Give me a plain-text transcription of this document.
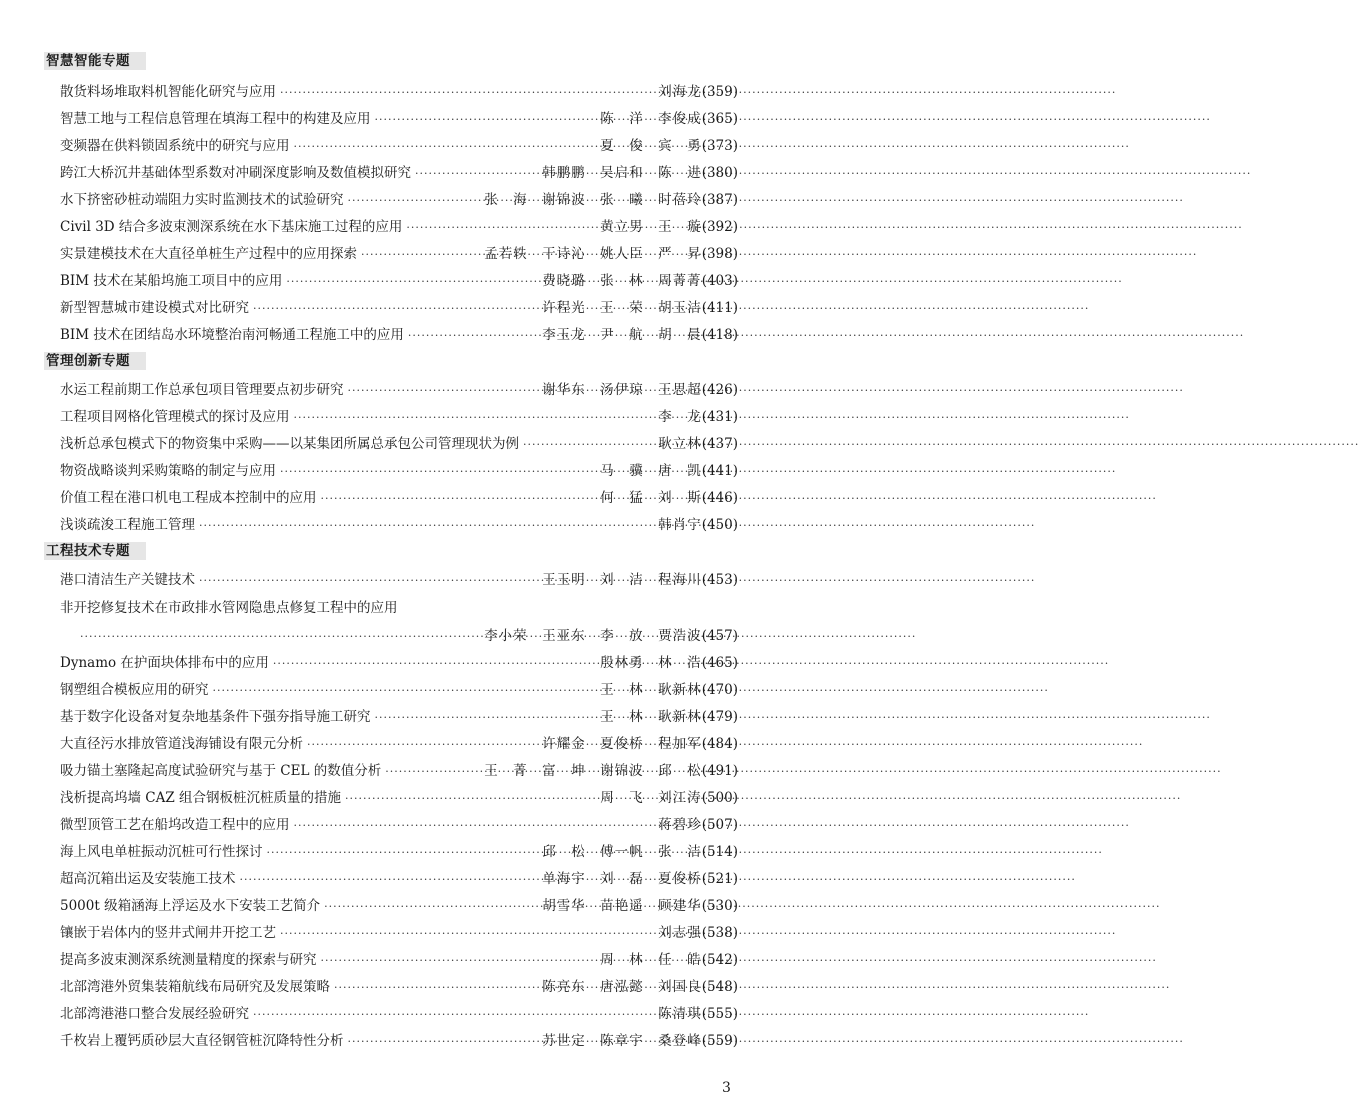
智慧智能专题
散货料场堆取料机智能化研究与应用 ·····	刘海龙 (359)
智慧工地与工程信息管理在填海工程中的构建及应用 ·····	陈　洋　李俊成 (365)
变频器在供料锁固系统中的研究与应用 ·····	夏　俊　宾　勇 (373)
跨江大桥沉井基础体型系数对冲刷深度影响及数值模拟研究 ·····	韩鹏鹏　吴启和　陈　进 (380)
水下挤密砂桩动端阻力实时监测技术的试验研究 ·····	张　海　谢锦波　张　曦　时蓓玲 (387)
Civil 3D 结合多波束测深系统在水下基床施工过程的应用 ·····	黄立男　王　璇 (392)
实景建模技术在大直径单桩生产过程中的应用探索 ·····	孟若轶　干诗沁　姚人臣　严　昇 (398)
BIM 技术在某船坞施工项目中的应用 ·····	费晓璐　张　林　周菁菁 (403)
新型智慧城市建设模式对比研究 ·····	许程光　王　荣　胡玉洁 (411)
BIM 技术在团结岛水环境整治南河畅通工程施工中的应用 ·····	李玉龙　尹　航　胡　晨 (418)
管理创新专题
水运工程前期工作总承包项目管理要点初步研究 ·····	谢华东　汤伊琼　王思超 (426)
工程项目网格化管理模式的探讨及应用 ·····	李　龙 (431)
浅析总承包模式下的物资集中采购——以某集团所属总承包公司管理现状为例 ·····	耿立林 (437)
物资战略谈判采购策略的制定与应用 ·····	马　骥　唐　凯 (441)
价值工程在港口机电工程成本控制中的应用 ·····	何　猛　刘　斯 (446)
浅谈疏浚工程施工管理 ·····	韩肖宁 (450)
工程技术专题
港口清洁生产关键技术 ·····	王玉明　刘　洁　程海川 (453)
非开挖修复技术在市政排水管网隐患点修复工程中的应用
·····
李小荣　王亚东　李　放　贾浩波 (457)
Dynamo 在护面块体排布中的应用 ·····	殷林勇　林　浩 (465)
钢塑组合模板应用的研究 ·····	王　林　耿新林 (470)
基于数字化设备对复杂地基条件下强夯指导施工研究 ·····	王　林　耿新林 (479)
大直径污水排放管道浅海铺设有限元分析 ·····	许耀金　夏俊桥　程加军 (484)
吸力锚土塞隆起高度试验研究与基于 CEL 的数值分析 ·····	王　菁　富　坤　谢锦波　邱　松 (491)
浅析提高坞墙 CAZ 组合钢板桩沉桩质量的措施 ·····	周　飞　刘江涛 (500)
微型顶管工艺在船坞改造工程中的应用 ·····	蒋碧珍 (507)
海上风电单桩振动沉桩可行性探讨 ·····	邱　松　傅一帆　张　洁 (514)
超高沉箱出运及安装施工技术 ·····	单海宇　刘　磊　夏俊桥 (521)
5000t 级箱涵海上浮运及水下安装工艺简介 ·····	胡雪华　苗艳遥　顾建华 (530)
镶嵌于岩体内的竖井式闸井开挖工艺 ·····	刘志强 (538)
提高多波束测深系统测量精度的探索与研究 ·····	周　林　任　皓 (542)
北部湾港外贸集装箱航线布局研究及发展策略 ·····	陈亮东　唐泓懿　刘国良 (548)
北部湾港港口整合发展经验研究 ·····	陈清琪 (555)
千枚岩上覆钙质砂层大直径钢管桩沉降特性分析 ·····	苏世定　陈章宇　桑登峰 (559)
3
